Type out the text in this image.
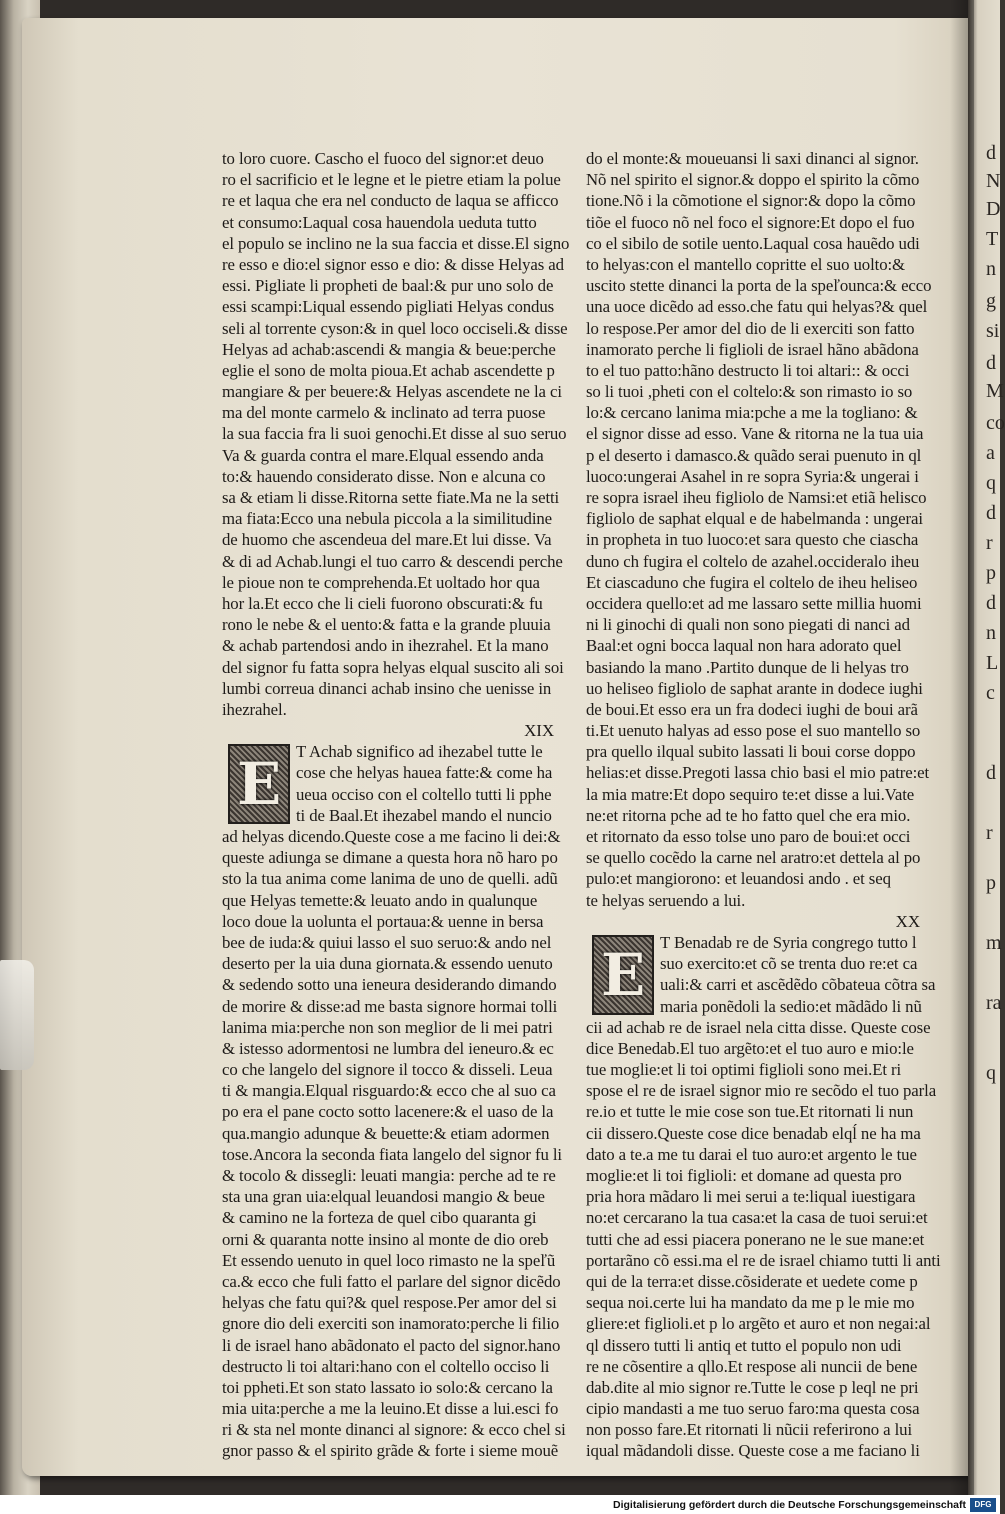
to loro cuore. Cascho el fuoco del signor:et deuo
ro el sacrificio et le legne et le pietre etiam la polue
re et laqua che era nel conducto de laqua se afficco
et consumo:Laqual cosa hauendola ueduta tutto
el populo se inclino ne la sua faccia et disse.El signo
re esso e dio:el signor esso e dio: & disse Helyas ad
essi. Pigliate li propheti de baal:& pur uno solo de
essi scampi:Liqual essendo pigliati Helyas condus
seli al torrente cyson:& in quel loco occiseli.& disse
Helyas ad achab:ascendi & mangia & beue:perche
eglie el sono de molta pioua.Et achab ascendette p
mangiare & per beuere:& Helyas ascendete ne la ci
ma del monte carmelo & inclinato ad terra puose
la sua faccia fra li suoi genochi.Et disse al suo seruo
Va & guarda contra el mare.Elqual essendo anda
to:& hauendo considerato disse. Non e alcuna co
sa & etiam li disse.Ritorna sette fiate.Ma ne la setti
ma fiata:Ecco una nebula piccola a la similitudine
de huomo che ascendeua del mare.Et lui disse. Va
& di ad Achab.lungi el tuo carro & descendi perche
le pioue non te comprehenda.Et uoltado hor qua
hor la.Et ecco che li cieli fuorono obscurati:& fu
rono le nebe & el uento:& fatta e la grande pluuia
& achab partendosi ando in ihezrahel. Et la mano
del signor fu fatta sopra helyas elqual suscito ali soi
lumbi correua dinanci achab insino che uenisse in
ihezrahel.
XIX
E T Achab significo ad ihezabel tutte le
cose che helyas hauea fatte:& come ha
ueua occiso con el coltello tutti li pphe
ti de Baal.Et ihezabel mando el nuncio
ad helyas dicendo.Queste cose a me facino li dei:&
queste adiunga se dimane a questa hora nõ haro po
sto la tua anima come lanima de uno de quelli. adũ
que Helyas temette:& leuato ando in qualunque
loco doue la uolunta el portaua:& uenne in bersa
bee de iuda:& quiui lasso el suo seruo:& ando nel
deserto per la uia duna giornata.& essendo uenuto
& sedendo sotto una ieneura desiderando dimando
de morire & disse:ad me basta signore hormai tolli
lanima mia:perche non son meglior de li mei patri
& istesso adormentosi ne lumbra del ieneuro.& ec
co che langelo del signore il tocco & disseli. Leua
ti & mangia.Elqual risguardo:& ecco che al suo ca
po era el pane cocto sotto lacenere:& el uaso de la
qua.mangio adunque & beuette:& etiam adormen
tose.Ancora la seconda fiata langelo del signor fu li
& tocolo & dissegli: leuati mangia: perche ad te re
sta una gran uia:elqual leuandosi mangio & beue
& camino ne la forteza de quel cibo quaranta gi
orni & quaranta notte insino al monte de dio oreb
Et essendo uenuto in quel loco rimasto ne la speľũ
ca.& ecco che fuli fatto el parlare del signor dicẽdo
helyas che fatu qui?& quel respose.Per amor del si
gnore dio deli exerciti son inamorato:perche li filio
li de israel hano abãdonato el pacto del signor.hano
destructo li toi altari:hano con el coltello occiso li
toi ppheti.Et son stato lassato io solo:& cercano la
mia uita:perche a me la leuino.Et disse a lui.esci fo
ri & sta nel monte dinanci al signore: & ecco chel si
gnor passo & el spirito grãde & forte i sieme mouẽ
do el monte:& moueuansi li saxi dinanci al signor.
Nõ nel spirito el signor.& doppo el spirito la cõmo
tione.Nõ i la cõmotione el signor:& dopo la cõmo
tiõe el fuoco nõ nel foco el signore:Et dopo el fuo
co el sibilo de sotile uento.Laqual cosa hauẽdo udi
to helyas:con el mantello copritte el suo uolto:&
uscito stette dinanci la porta de la speľounca:& ecco
una uoce dicẽdo ad esso.che fatu qui helyas?& quel
lo respose.Per amor del dio de li exerciti son fatto
inamorato perche li figlioli de israel hãno abãdona
to el tuo patto:hãno destructo li toi altari:: & occi
so li tuoi ,pheti con el coltelo:& son rimasto io so
lo:& cercano lanima mia:pche a me la togliano: &
el signor disse ad esso. Vane & ritorna ne la tua uia
p el deserto i damasco.& quãdo serai puenuto in ql
luoco:ungerai Asahel in re sopra Syria:& ungerai i
re sopra israel iheu figliolo de Namsi:et etiã helisco
figliolo de saphat elqual e de habelmanda : ungerai
in propheta in tuo luoco:et sara questo che ciascha
duno ch fugira el coltelo de azahel.occideralo iheu
Et ciascaduno che fugira el coltelo de iheu heliseo
occidera quello:et ad me lassaro sette millia huomi
ni li ginochi di quali non sono piegati di nanci ad
Baal:et ogni bocca laqual non hara adorato quel
basiando la mano .Partito dunque de li helyas tro
uo heliseo figliolo de saphat arante in dodece iughi
de boui.Et esso era un fra dodeci iughi de boui arã
ti.Et uenuto halyas ad esso pose el suo mantello so
pra quello ilqual subito lassati li boui corse doppo
helias:et disse.Pregoti lassa chio basi el mio patre:et
la mia matre:Et dopo sequiro te:et disse a lui.Vate
ne:et ritorna pche ad te ho fatto quel che era mio.
et ritornato da esso tolse uno paro de boui:et occi
se quello cocẽdo la carne nel aratro:et dettela al po
pulo:et mangiorono: et leuandosi ando . et seq
te helyas seruendo a lui.
XX
E T Benadab re de Syria congrego tutto l
suo exercito:et cõ se trenta duo re:et ca
uali:& carri et ascẽdẽdo cõbateua cõtra sa
maria ponẽdoli la sedio:et mãdãdo li nũ
cii ad achab re de israel nela citta disse. Queste cose
dice Benedab.El tuo argẽto:et el tuo auro e mio:le
tue moglie:et li toi optimi figlioli sono mei.Et ri
spose el re de israel signor mio re secõdo el tuo parla
re.io et tutte le mie cose son tue.Et ritornati li nun
cii dissero.Queste cose dice benadab elqĺ ne ha ma
dato a te.a me tu darai el tuo auro:et argento le tue
moglie:et li toi figlioli: et domane ad questa pro
pria hora mãdaro li mei serui a te:liqual iuestigara
no:et cercarano la tua casa:et la casa de tuoi serui:et
tutti che ad essi piacera ponerano ne le sue mane:et
portarãno cõ essi.ma el re de israel chiamo tutti li anti
qui de la terra:et disse.cõsiderate et uedete come p
sequa noi.certe lui ha mandato da me p le mie mo
gliere:et figlioli.et p lo argẽto et auro et non negai:al
ql dissero tutti li antiq et tutto el populo non udi
re ne cõsentire a qllo.Et respose ali nuncii de bene
dab.dite al mio signor re.Tutte le cose p leql ne pri
cipio mandasti a me tuo seruo faro:ma questa cosa
non posso fare.Et ritornati li nũcii referirono a lui
iqual mãdandoli disse. Queste cose a me faciano li
d
N
D
T
n
g
si
d
M
co
a
q
d
r
p
d
n
L
c
d
r
p
m
ra
q
Digitalisierung gefördert durch die Deutsche Forschungsgemeinschaft DFG
